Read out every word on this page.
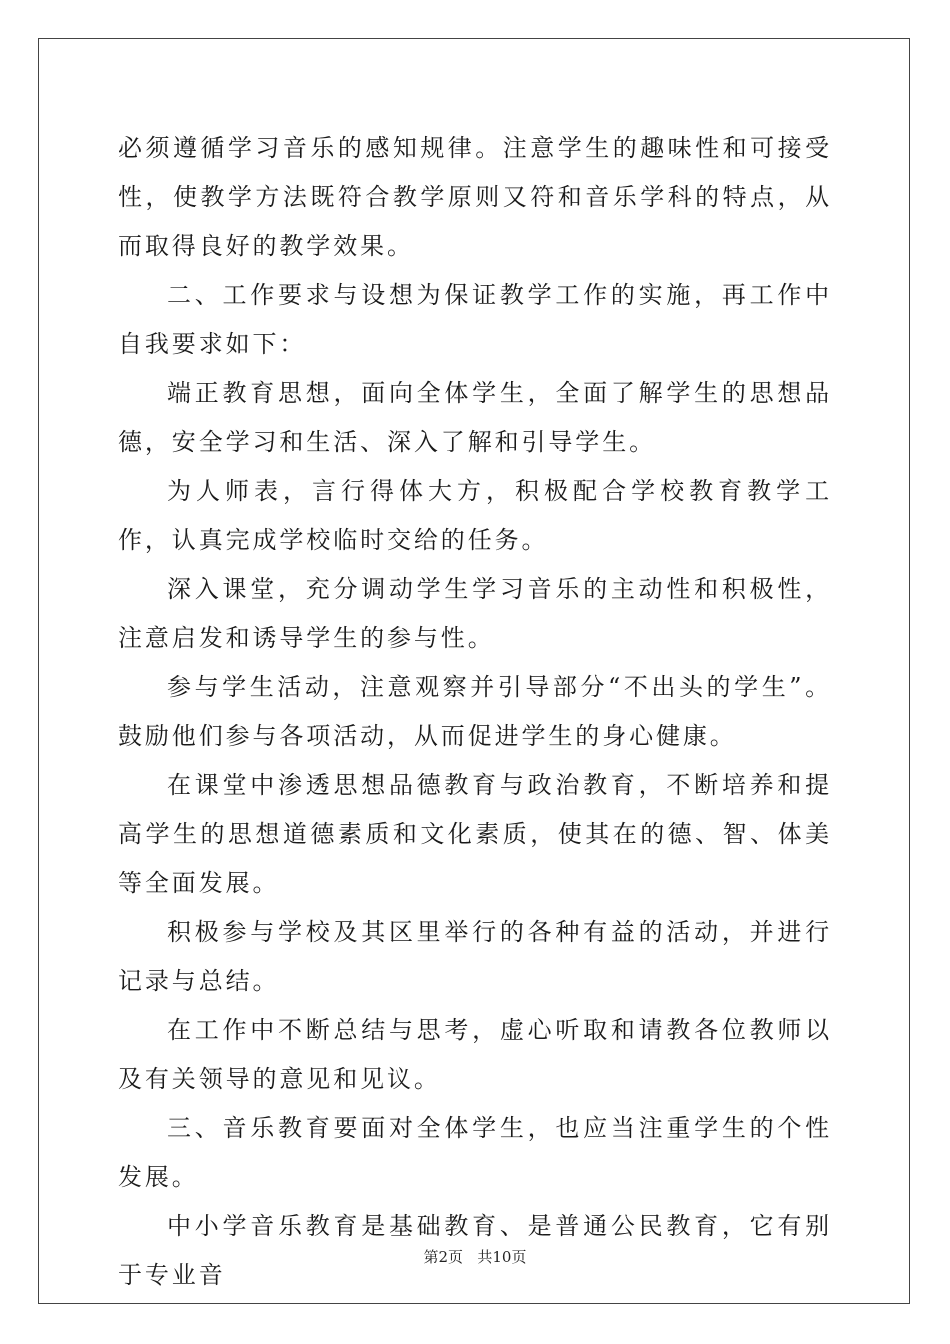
必须遵循学习音乐的感知规律。注意学生的趣味性和可接受性，使教学方法既符合教学原则又符和音乐学科的特点，从而取得良好的教学效果。

二、工作要求与设想为保证教学工作的实施，再工作中自我要求如下：

端正教育思想，面向全体学生，全面了解学生的思想品德，安全学习和生活、深入了解和引导学生。

为人师表，言行得体大方，积极配合学校教育教学工作，认真完成学校临时交给的任务。

深入课堂，充分调动学生学习音乐的主动性和积极性，注意启发和诱导学生的参与性。

参与学生活动，注意观察并引导部分“不出头的学生”。鼓励他们参与各项活动，从而促进学生的身心健康。

在课堂中渗透思想品德教育与政治教育，不断培养和提高学生的思想道德素质和文化素质，使其在的德、智、体美等全面发展。

积极参与学校及其区里举行的各种有益的活动，并进行记录与总结。

在工作中不断总结与思考，虚心听取和请教各位教师以及有关领导的意见和见议。

三、音乐教育要面对全体学生，也应当注重学生的个性发展。

中小学音乐教育是基础教育、是普通公民教育，它有别于专业音

第2页 共10页
